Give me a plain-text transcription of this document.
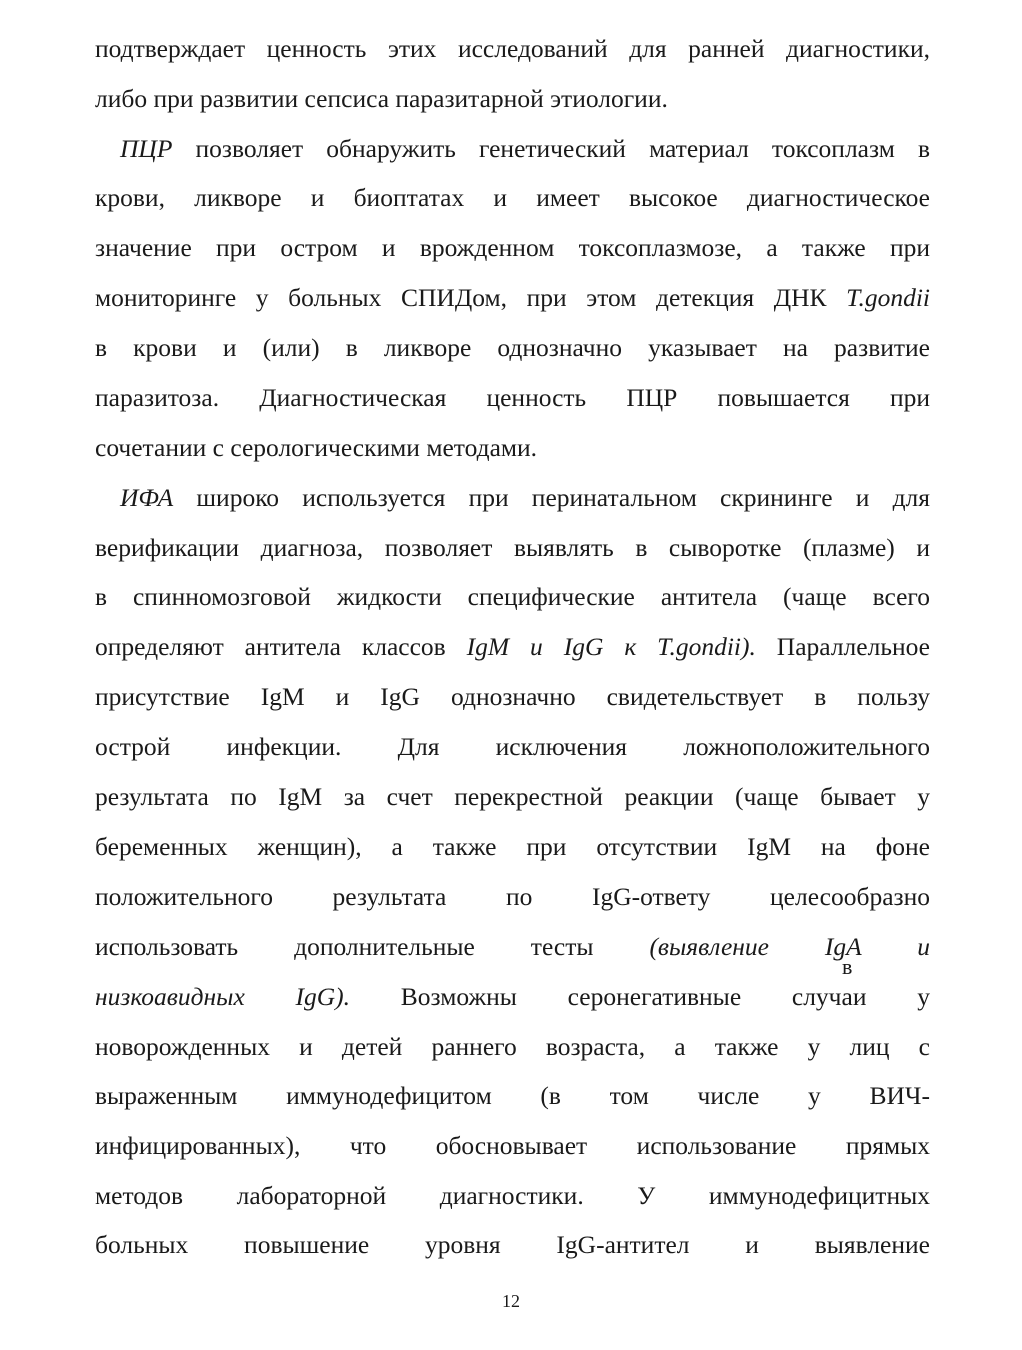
подтверждает ценность этих исследований для ранней диагностики,
либо при развитии сепсиса паразитарной этиологии.
ПЦР позволяет обнаружить генетический материал токсоплазм в
крови, ликворе и биоптатах и имеет высокое диагностическое
значение при остром и врожденном токсоплазмозе, а также при
мониторинге у больных СПИДом, при этом детекция ДНК T.gondii
в крови и (или) в ликворе однозначно указывает на развитие
паразитоза. Диагностическая ценность ПЦР повышается при
сочетании с серологическими методами.
ИФА широко используется при перинатальном скрининге и для
верификации диагноза, позволяет выявлять в сыворотке (плазме) и
в спинномозговой жидкости специфические антитела (чаще всего
определяют антитела классов IgM и IgG к T.gondii). Параллельное
присутствие IgM и IgG однозначно свидетельствует в пользу
острой инфекции. Для исключения ложноположительного
результата по IgM за счет перекрестной реакции (чаще бывает у
беременных женщин), а также при отсутствии IgM на фоне
положительного результата по IgG-ответу целесообразно
использовать дополнительные тесты (выявление IgA и
низкоавидных IgG). Возможны серонегативные случаи у
новорожденных и детей раннего возраста, а также у лиц с
выраженным иммунодефицитом (в том числе у ВИЧ-
инфицированных), что обосновывает использование прямых
методов лабораторной диагностики. У иммунодефицитных
больных повышение уровня IgG-антител и выявление
в
12
